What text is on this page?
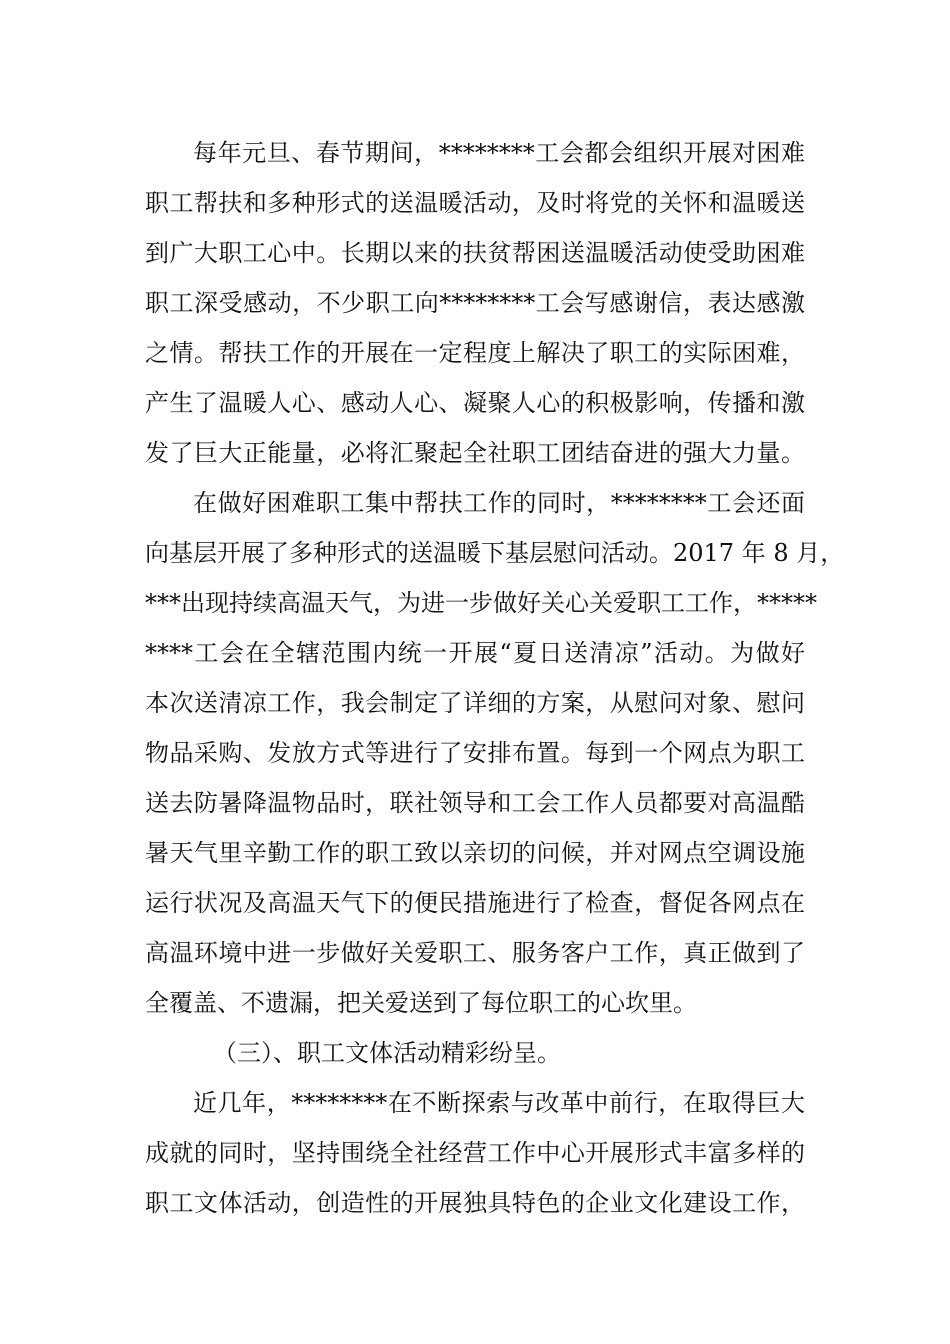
每年元旦、春节期间，********工会都会组织开展对困难
职工帮扶和多种形式的送温暖活动，及时将党的关怀和温暖送
到广大职工心中。长期以来的扶贫帮困送温暖活动使受助困难
职工深受感动，不少职工向********工会写感谢信，表达感激
之情。帮扶工作的开展在一定程度上解决了职工的实际困难，
产生了温暖人心、感动人心、凝聚人心的积极影响，传播和激
发了巨大正能量，必将汇聚起全社职工团结奋进的强大力量。
在做好困难职工集中帮扶工作的同时，********工会还面
向基层开展了多种形式的送温暖下基层慰问活动。2017 年 8 月，
***出现持续高温天气，为进一步做好关心关爱职工工作，*****
****工会在全辖范围内统一开展“夏日送清凉”活动。为做好
本次送清凉工作，我会制定了详细的方案，从慰问对象、慰问
物品采购、发放方式等进行了安排布置。每到一个网点为职工
送去防暑降温物品时，联社领导和工会工作人员都要对高温酷
暑天气里辛勤工作的职工致以亲切的问候，并对网点空调设施
运行状况及高温天气下的便民措施进行了检查，督促各网点在
高温环境中进一步做好关爱职工、服务客户工作，真正做到了
全覆盖、不遗漏，把关爱送到了每位职工的心坎里。
（三）、职工文体活动精彩纷呈。
近几年，********在不断探索与改革中前行，在取得巨大
成就的同时，坚持围绕全社经营工作中心开展形式丰富多样的
职工文体活动，创造性的开展独具特色的企业文化建设工作，
